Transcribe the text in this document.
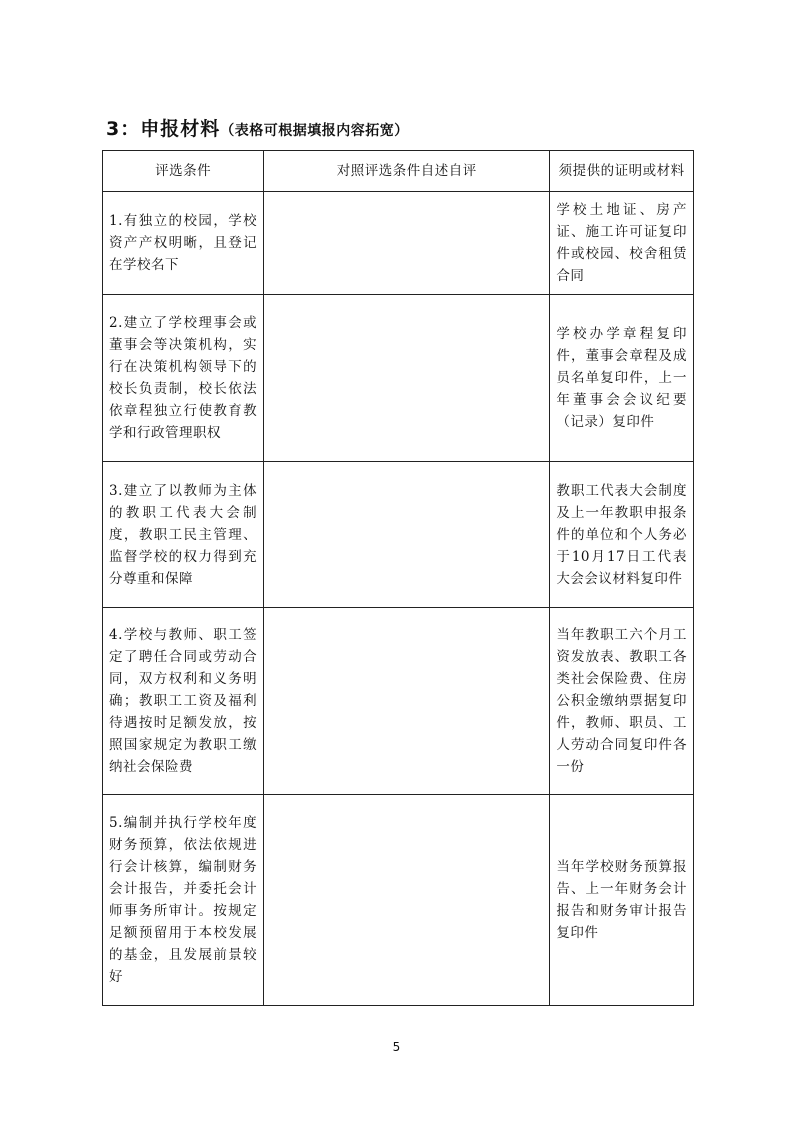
3：申报材料（表格可根据填报内容拓宽）
评选条件	对照评选条件自述自评	须提供的证明或材料
1.有独立的校园，学校资产产权明晰，且登记在学校名下		学校土地证、房产证、施工许可证复印件或校园、校舍租赁合同
2.建立了学校理事会或董事会等决策机构，实行在决策机构领导下的校长负责制，校长依法依章程独立行使教育教学和行政管理职权		学校办学章程复印件，董事会章程及成员名单复印件，上一年董事会会议纪要（记录）复印件
3.建立了以教师为主体的教职工代表大会制度，教职工民主管理、监督学校的权力得到充分尊重和保障		教职工代表大会制度及上一年教职申报条件的单位和个人务必于10月17日工代表大会会议材料复印件
4.学校与教师、职工签定了聘任合同或劳动合同，双方权利和义务明确；教职工工资及福利待遇按时足额发放，按照国家规定为教职工缴纳社会保险费		当年教职工六个月工资发放表、教职工各类社会保险费、住房公积金缴纳票据复印件，教师、职员、工人劳动合同复印件各一份
5.编制并执行学校年度财务预算，依法依规进行会计核算，编制财务会计报告，并委托会计师事务所审计。按规定足额预留用于本校发展的基金，且发展前景较好		当年学校财务预算报告、上一年财务会计报告和财务审计报告复印件
5
